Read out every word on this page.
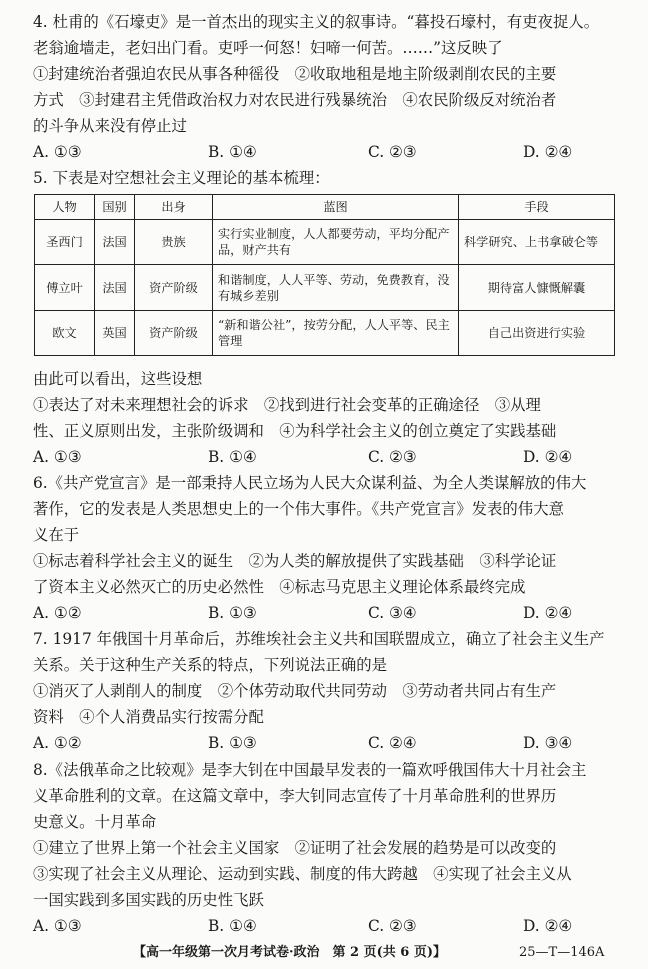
4. 杜甫的《石壕吏》是一首杰出的现实主义的叙事诗。“暮投石壕村，有吏夜捉人。
老翁逾墙走，老妇出门看。吏呼一何怒！妇啼一何苦。……”这反映了
①封建统治者强迫农民从事各种徭役　②收取地租是地主阶级剥削农民的主要
方式　③封建君主凭借政治权力对农民进行残暴统治　④农民阶级反对统治者
的斗争从来没有停止过
A. ①③	B. ①④	C. ②③	D. ②④
5. 下表是对空想社会主义理论的基本梳理：
人物	国别	出身	蓝图	手段
圣西门	法国	贵族	实行实业制度，人人都要劳动，平均分配产品，财产共有	科学研究、上书拿破仑等
傅立叶	法国	资产阶级	和谐制度，人人平等、劳动，免费教育，没有城乡差别	期待富人慷慨解囊
欧文	英国	资产阶级	“新和谐公社”，按劳分配，人人平等、民主管理	自己出资进行实验
由此可以看出，这些设想
①表达了对未来理想社会的诉求　②找到进行社会变革的正确途径　③从理
性、正义原则出发，主张阶级调和　④为科学社会主义的创立奠定了实践基础
A. ①③	B. ①④	C. ②③	D. ②④
6.《共产党宣言》是一部秉持人民立场为人民大众谋利益、为全人类谋解放的伟大
著作，它的发表是人类思想史上的一个伟大事件。《共产党宣言》发表的伟大意
义在于
①标志着科学社会主义的诞生　②为人类的解放提供了实践基础　③科学论证
了资本主义必然灭亡的历史必然性　④标志马克思主义理论体系最终完成
A. ①②	B. ①③	C. ③④	D. ②④
7. 1917 年俄国十月革命后，苏维埃社会主义共和国联盟成立，确立了社会主义生产
关系。关于这种生产关系的特点，下列说法正确的是
①消灭了人剥削人的制度　②个体劳动取代共同劳动　③劳动者共同占有生产
资料　④个人消费品实行按需分配
A. ①②	B. ①③	C. ②④	D. ③④
8.《法俄革命之比较观》是李大钊在中国最早发表的一篇欢呼俄国伟大十月社会主
义革命胜利的文章。在这篇文章中，李大钊同志宣传了十月革命胜利的世界历
史意义。十月革命
①建立了世界上第一个社会主义国家　②证明了社会发展的趋势是可以改变的
③实现了社会主义从理论、运动到实践、制度的伟大跨越　④实现了社会主义从
一国实践到多国实践的历史性飞跃
A. ①③	B. ①④	C. ②③	D. ②④
【高一年级第一次月考试卷·政治　第 2 页(共 6 页)】	25—T—146A
